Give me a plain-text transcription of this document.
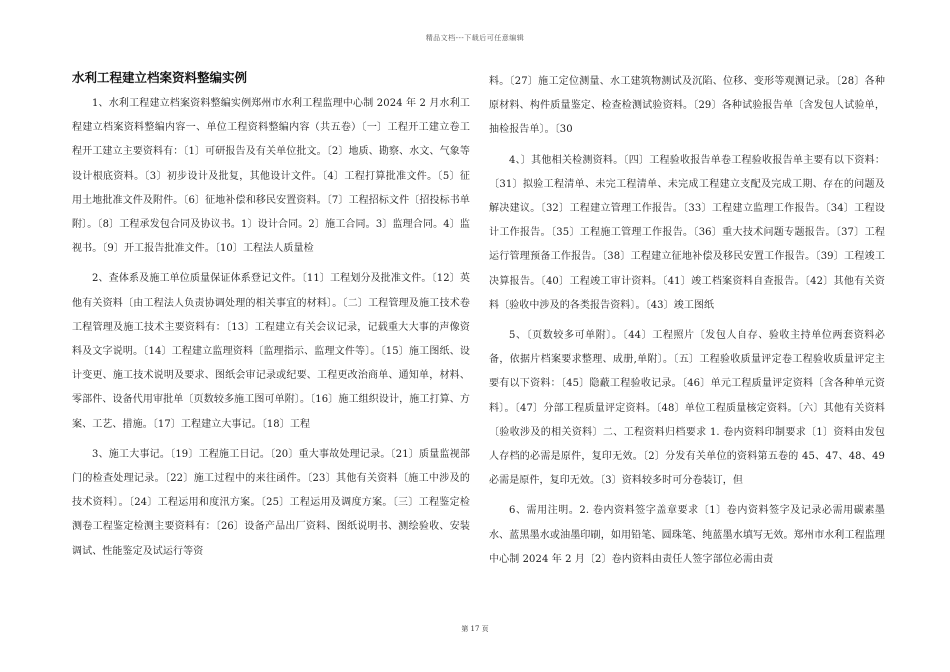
精品文档---下载后可任意编辑
水利工程建立档案资料整编实例

1、水利工程建立档案资料整编实例郑州市水利工程监理中心制 2024 年 2 月水利工程建立档案资料整编内容一、单位工程资料整编内容（共五卷）〔一〕工程开工建立卷工程开工建立主要资料有：〔1〕可研报告及有关单位批文。〔2〕地质、勘察、水文、气象等设计根底资料。〔3〕初步设计及批复，其他设计文件。〔4〕工程打算批准文件。〔5〕征用土地批准文件及附件。〔6〕征地补偿和移民安置资料。〔7〕工程招标文件〔招投标书单附〕。〔8〕工程承发包合同及协议书。1〕设计合同。2〕施工合同。3〕监理合同。4〕监视书。〔9〕开工报告批准文件。〔10〕工程法人质量检

2、查体系及施工单位质量保证体系登记文件。〔11〕工程划分及批准文件。〔12〕英他有关资料〔由工程法人负责协调处理的相关事宜的材料〕。〔二〕工程管理及施工技术卷工程管理及施工技术主要资料有：〔13〕工程建立有关会议记录，记载重大大事的声像资料及文字说明。〔14〕工程建立监理资料〔监理指示、监理文件等〕。〔15〕施工图纸、设计变更、施工技术说明及要求、图纸会审记录或纪要、工程更改治商单、通知单，材料、零部件、设备代用审批单〔页数较多施工图可单附〕。〔16〕施工组织设计，施工打算、方案、工艺、措施。〔17〕工程建立大事记。〔18〕工程

3、施工大事记。〔19〕工程施工日记。〔20〕重大事故处理记录。〔21〕质量监视部门的检查处理记录。〔22〕施工过程中的来往函件。〔23〕其他有关资料〔施工中涉及的技术资料〕。〔24〕工程运用和度汛方案。〔25〕工程运用及调度方案。〔三〕工程鉴定检测卷工程鉴定检测主要资料有：〔26〕设备产品出厂资料、图纸说明书、测绘验收、安装调试、性能鉴定及试运行等资

料。〔27〕施工定位测量、水工建筑物测试及沉陷、位移、变形等观测记录。〔28〕各种原材料、构件质量鉴定、检查检测试验资料。〔29〕各种试验报告单〔含发包人试验单，抽检报告单〕。〔30

4、〕其他相关检测资料。〔四〕工程验收报告单卷工程验收报告单主要有以下资料：〔31〕拟验工程清单、未完工程清单、未完成工程建立支配及完成工期、存在的问题及解决建议。〔32〕工程建立管理工作报告。〔33〕工程建立监理工作报告。〔34〕工程设计工作报告。〔35〕工程施工管理工作报告。〔36〕重大技术问题专题报告。〔37〕工程运行管理预备工作报告。〔38〕工程建立征地补偿及移民安置工作报告。〔39〕工程竣工决算报告。〔40〕工程竣工审计资料。〔41〕竣工档案资料自查报告。〔42〕其他有关资料〔验收中涉及的各类报告资料〕。〔43〕竣工图纸

5、〔页数较多可单附〕。〔44〕工程照片〔发包人自存、验收主持单位两套资料必备，依据片档案要求整理、成册,单附〕。〔五〕工程验收质量评定卷工程验收质量评定主要有以下资料：〔45〕隐蔽工程验收记录。〔46〕单元工程质量评定资料〔含各种单元资料〕。〔47〕分部工程质量评定资料。〔48〕单位工程质量核定资料。〔六〕其他有关资料〔验收涉及的相关资料〕二、工程资料归档要求 1. 卷内资料印制要求〔1〕资料由发包人存档的必需是原件，复印无效。〔2〕分发有关单位的资料第五卷的 45、47、48、49 必需是原件，复印无效。〔3〕资料较多时可分卷装订，但

6、需用注明。2. 卷内资料签字盖章要求〔1〕卷内资料签字及记录必需用碳素墨水、蓝黑墨水或油墨印刷，如用铅笔、圆珠笔、纯蓝墨水填写无效。郑州市水利工程监理中心制 2024 年 2 月〔2〕卷内资料由责任人签字部位必需由责

第 17 页
